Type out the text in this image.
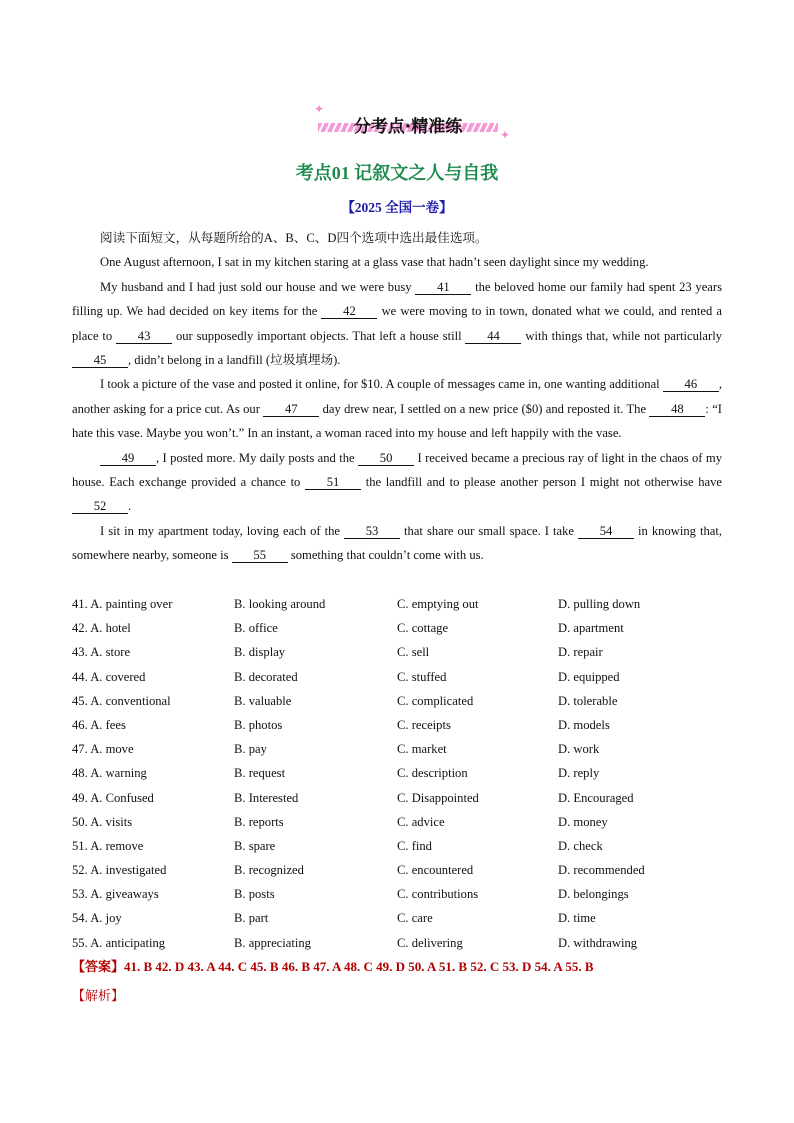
分考点·精准练
✦
✦
考点01 记叙文之人与自我
【2025 全国一卷】

阅读下面短文，从每题所给的A、B、C、D四个选项中选出最佳选项。

One August afternoon, I sat in my kitchen staring at a glass vase that hadn’t seen daylight since my wedding.

My husband and I had just sold our house and we were busy 41 the beloved home our family had spent 23 years filling up. We had decided on key items for the 42 we were moving to in town, donated what we could, and rented a place to 43 our supposedly important objects. That left a house still 44 with things that, while not particularly 45 , didn’t belong in a landfill (垃圾填埋场).

I took a picture of the vase and posted it online, for $10. A couple of messages came in, one wanting additional 46 , another asking for a price cut. As our 47 day drew near, I settled on a new price ($0) and reposted it. The 48 : “I hate this vase. Maybe you won’t.” In an instant, a woman raced into my house and left happily with the vase.

49 , I posted more. My daily posts and the 50 I received became a precious ray of light in the chaos of my house. Each exchange provided a chance to 51 the landfill and to please another person I might not otherwise have 52 .

I sit in my apartment today, loving each of the 53 that share our small space. I take 54 in knowing that, somewhere nearby, someone is 55 something that couldn’t come with us.

41. A. painting over	B. looking around	C. emptying out	D. pulling down
42. A. hotel	B. office	C. cottage	D. apartment
43. A. store	B. display	C. sell	D. repair
44. A. covered	B. decorated	C. stuffed	D. equipped
45. A. conventional	B. valuable	C. complicated	D. tolerable
46. A. fees	B. photos	C. receipts	D. models
47. A. move	B. pay	C. market	D. work
48. A. warning	B. request	C. description	D. reply
49. A. Confused	B. Interested	C. Disappointed	D. Encouraged
50. A. visits	B. reports	C. advice	D. money
51. A. remove	B. spare	C. find	D. check
52. A. investigated	B. recognized	C. encountered	D. recommended
53. A. giveaways	B. posts	C. contributions	D. belongings
54. A. joy	B. part	C. care	D. time
55. A. anticipating	B. appreciating	C. delivering	D. withdrawing
【答案】41. B 42. D 43. A 44. C 45. B 46. B 47. A 48. C 49. D 50. A 51. B 52. C 53. D 54. A 55. B
【解析】
